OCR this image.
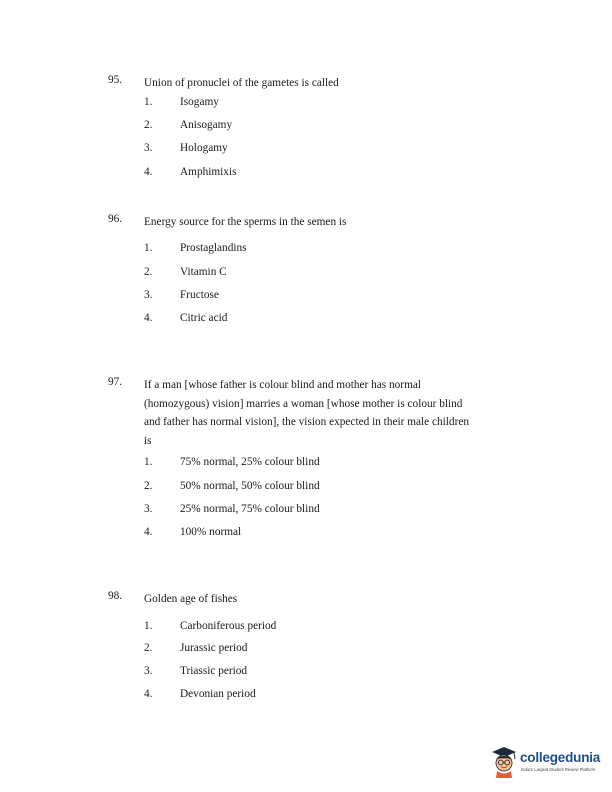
95. Union of pronuclei of the gametes is called
1. Isogamy
2. Anisogamy
3. Hologamy
4. Amphimixis
96. Energy source for the sperms in the semen is
1. Prostaglandins
2. Vitamin C
3. Fructose
4. Citric acid
97. If a man [whose father is colour blind and mother has normal (homozygous) vision] marries a woman [whose mother is colour blind and father has normal vision], the vision expected in their male children is
1. 75% normal, 25% colour blind
2. 50% normal, 50% colour blind
3. 25% normal, 75% colour blind
4. 100% normal
98. Golden age of fishes
1. Carboniferous period
2. Jurassic period
3. Triassic period
4. Devonian period
collegedunia
India's Largest Student Review Platform
